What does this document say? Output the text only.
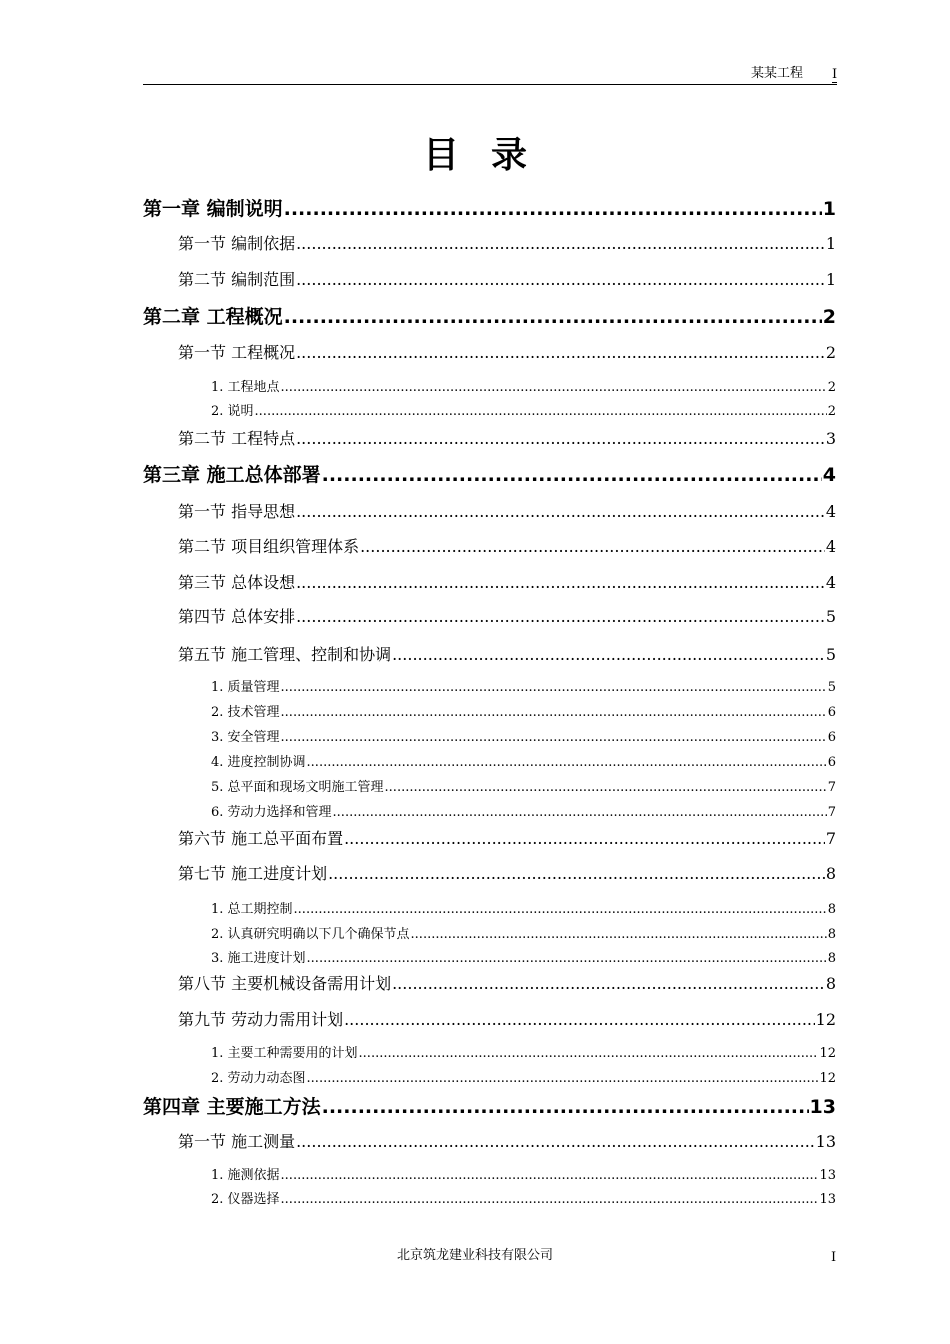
某某工程 I
目录
第一章 编制说明 .....	1
第一节 编制依据 .....	1
第二节 编制范围 .....	1
第二章 工程概况 .....	2
第一节 工程概况 .....	2
1. 工程地点 .....	2
2. 说明 .....	2
第二节 工程特点 .....	3
第三章 施工总体部署 .....	4
第一节 指导思想 .....	4
第二节 项目组织管理体系 .....	4
第三节 总体设想 .....	4
第四节 总体安排 .....	5
第五节 施工管理、控制和协调 .....	5
1. 质量管理 .....	5
2. 技术管理 .....	6
3. 安全管理 .....	6
4. 进度控制协调 .....	6
5. 总平面和现场文明施工管理 .....	7
6. 劳动力选择和管理 .....	7
第六节 施工总平面布置 .....	7
第七节 施工进度计划 .....	8
1. 总工期控制 .....	8
2. 认真研究明确以下几个确保节点 .....	8
3. 施工进度计划 .....	8
第八节 主要机械设备需用计划 .....	8
第九节 劳动力需用计划 .....	12
1. 主要工种需要用的计划 .....	12
2. 劳动力动态图 .....	12
第四章 主要施工方法 .....	13
第一节 施工测量 .....	13
1. 施测依据 .....	13
2. 仪器选择 .....	13
北京筑龙建业科技有限公司	I
